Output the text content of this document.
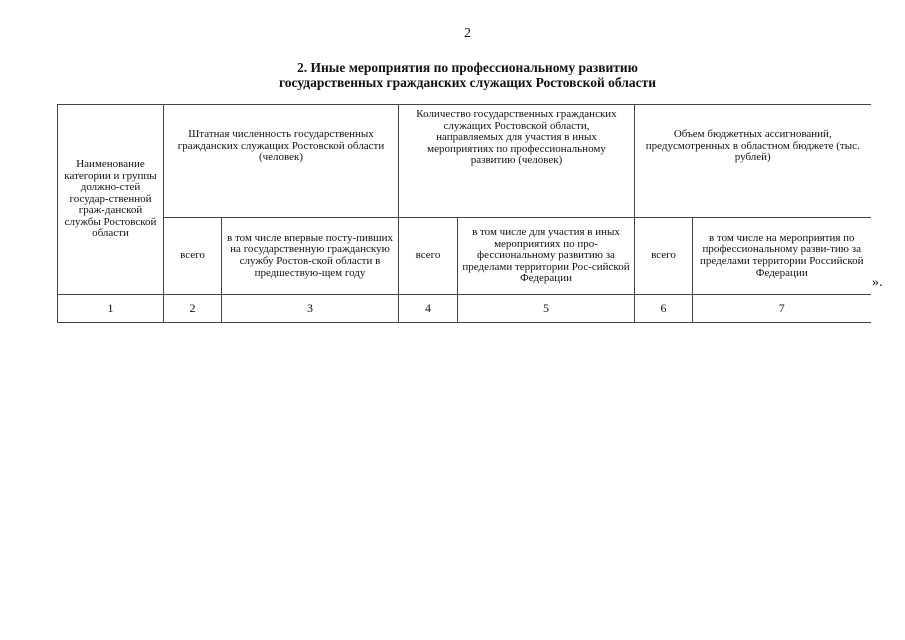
2
2. Иные мероприятия по профессиональному развитию
государственных гражданских служащих Ростовской области
Наименование категории и группы должно-стей государ-ственной граж-данской службы Ростовской области	Штатная численность государственных гражданских служащих Ростовской области (человек)		Количество государственных гражданских служащих Ростовской области, направляемых для участия в иных мероприятиях по профессиональному развитию (человек)		Объем бюджетных ассигнований, предусмотренных в областном бюджете (тыс. рублей)	
	всего	в том числе впервые посту-пивших на государственную гражданскую службу Ростов-ской области в предшествую-щем году	всего	в том числе для участия в иных мероприятиях по про-фессиональному развитию за пределами территории Рос-сийской Федерации	всего	в том числе на мероприятия по профессиональному разви-тию за пределами территории Российской Федерации
1	2	3	4	5	6	7
».
